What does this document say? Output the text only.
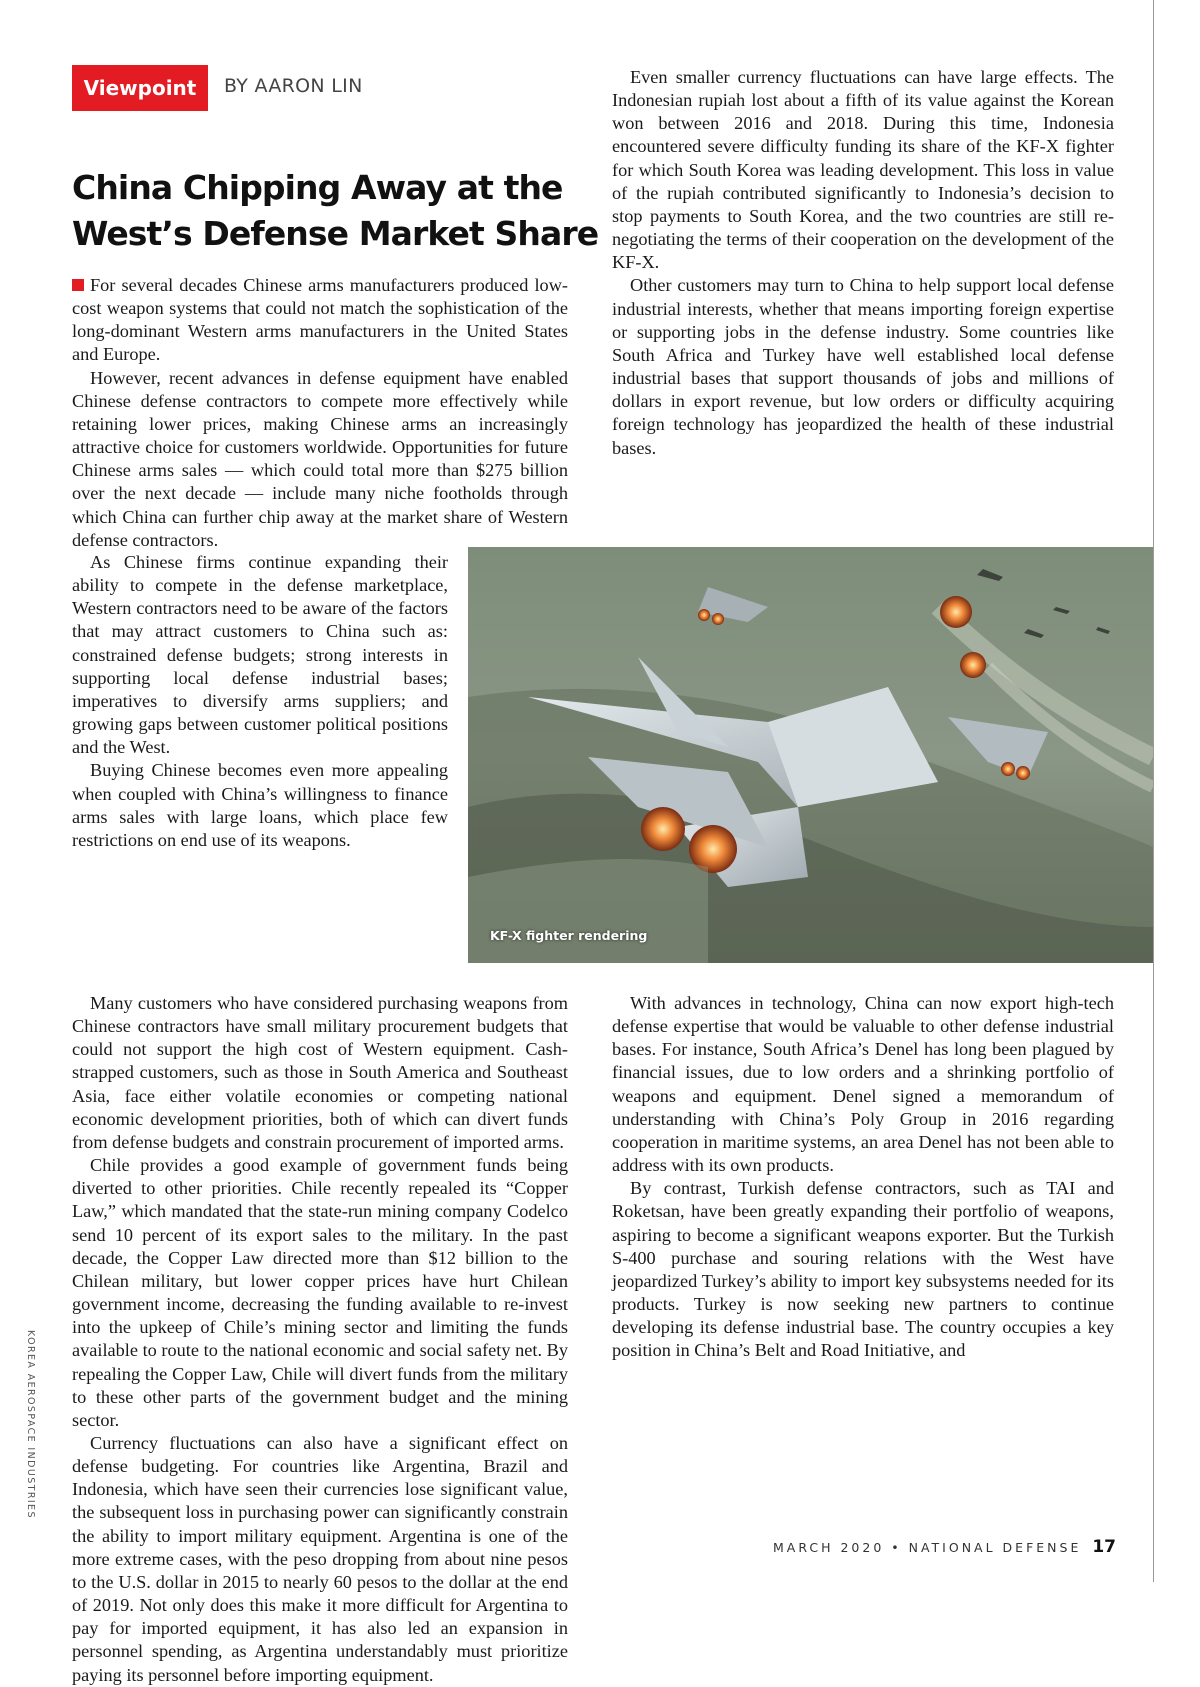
Viewpoint	BY AARON LIN
China Chipping Away at the West’s Defense Market Share

For several decades Chinese arms manufacturers produced low-cost weapon systems that could not match the sophistication of the long-dominant Western arms manufacturers in the United States and Europe.

However, recent advances in defense equipment have enabled Chinese defense contractors to compete more effectively while retaining lower prices, making Chinese arms an increasingly attractive choice for customers worldwide. Opportunities for future Chinese arms sales — which could total more than $275 billion over the next decade — include many niche footholds through which China can further chip away at the market share of Western defense contractors.

As Chinese firms continue expanding their ability to compete in the defense marketplace, Western contractors need to be aware of the factors that may attract customers to China such as: constrained defense budgets; strong interests in supporting local defense industrial bases; imperatives to diversify arms suppliers; and growing gaps between customer political positions and the West.

Buying Chinese becomes even more appealing when coupled with China’s willingness to finance arms sales with large loans, which place few restrictions on end use of its weapons.

Many customers who have considered purchasing weapons from Chinese contractors have small military procurement budgets that could not support the high cost of Western equipment. Cash-strapped customers, such as those in South America and Southeast Asia, face either volatile economies or competing national economic development priorities, both of which can divert funds from defense budgets and constrain procurement of imported arms.

Chile provides a good example of government funds being diverted to other priorities. Chile recently repealed its “Copper Law,” which mandated that the state-run mining company Codelco send 10 percent of its export sales to the military. In the past decade, the Copper Law directed more than $12 billion to the Chilean military, but lower copper prices have hurt Chilean government income, decreasing the funding available to re-invest into the upkeep of Chile’s mining sector and limiting the funds available to route to the national economic and social safety net. By repealing the Copper Law, Chile will divert funds from the military to these other parts of the government budget and the mining sector.

Currency fluctuations can also have a significant effect on defense budgeting. For countries like Argentina, Brazil and Indonesia, which have seen their currencies lose significant value, the subsequent loss in purchasing power can significantly constrain the ability to import military equipment. Argentina is one of the more extreme cases, with the peso dropping from about nine pesos to the U.S. dollar in 2015 to nearly 60 pesos to the dollar at the end of 2019. Not only does this make it more difficult for Argentina to pay for imported equipment, it has also led an expansion in personnel spending, as Argentina understandably must prioritize paying its personnel before importing equipment.

Even smaller currency fluctuations can have large effects. The Indonesian rupiah lost about a fifth of its value against the Korean won between 2016 and 2018. During this time, Indonesia encountered severe difficulty funding its share of the KF-X fighter for which South Korea was leading development. This loss in value of the rupiah contributed significantly to Indonesia’s decision to stop payments to South Korea, and the two countries are still re-negotiating the terms of their cooperation on the development of the KF-X.

Other customers may turn to China to help support local defense industrial interests, whether that means importing foreign expertise or supporting jobs in the defense industry. Some countries like South Africa and Turkey have well established local defense industrial bases that support thousands of jobs and millions of dollars in export revenue, but low orders or difficulty acquiring foreign technology has jeopardized the health of these industrial bases.

With advances in technology, China can now export high-tech defense expertise that would be valuable to other defense industrial bases. For instance, South Africa’s Denel has long been plagued by financial issues, due to low orders and a shrinking portfolio of weapons and equipment. Denel signed a memorandum of understanding with China’s Poly Group in 2016 regarding cooperation in maritime systems, an area Denel has not been able to address with its own products.

By contrast, Turkish defense contractors, such as TAI and Roketsan, have been greatly expanding their portfolio of weapons, aspiring to become a significant weapons exporter. But the Turkish S-400 purchase and souring relations with the West have jeopardized Turkey’s ability to import key subsystems needed for its products. Turkey is now seeking new partners to continue developing its defense industrial base. The country occupies a key position in China’s Belt and Road Initiative, and

KF-X fighter rendering
KOREA AEROSPACE INDUSTRIES
MARCH 2020 • NATIONAL DEFENSE 17
